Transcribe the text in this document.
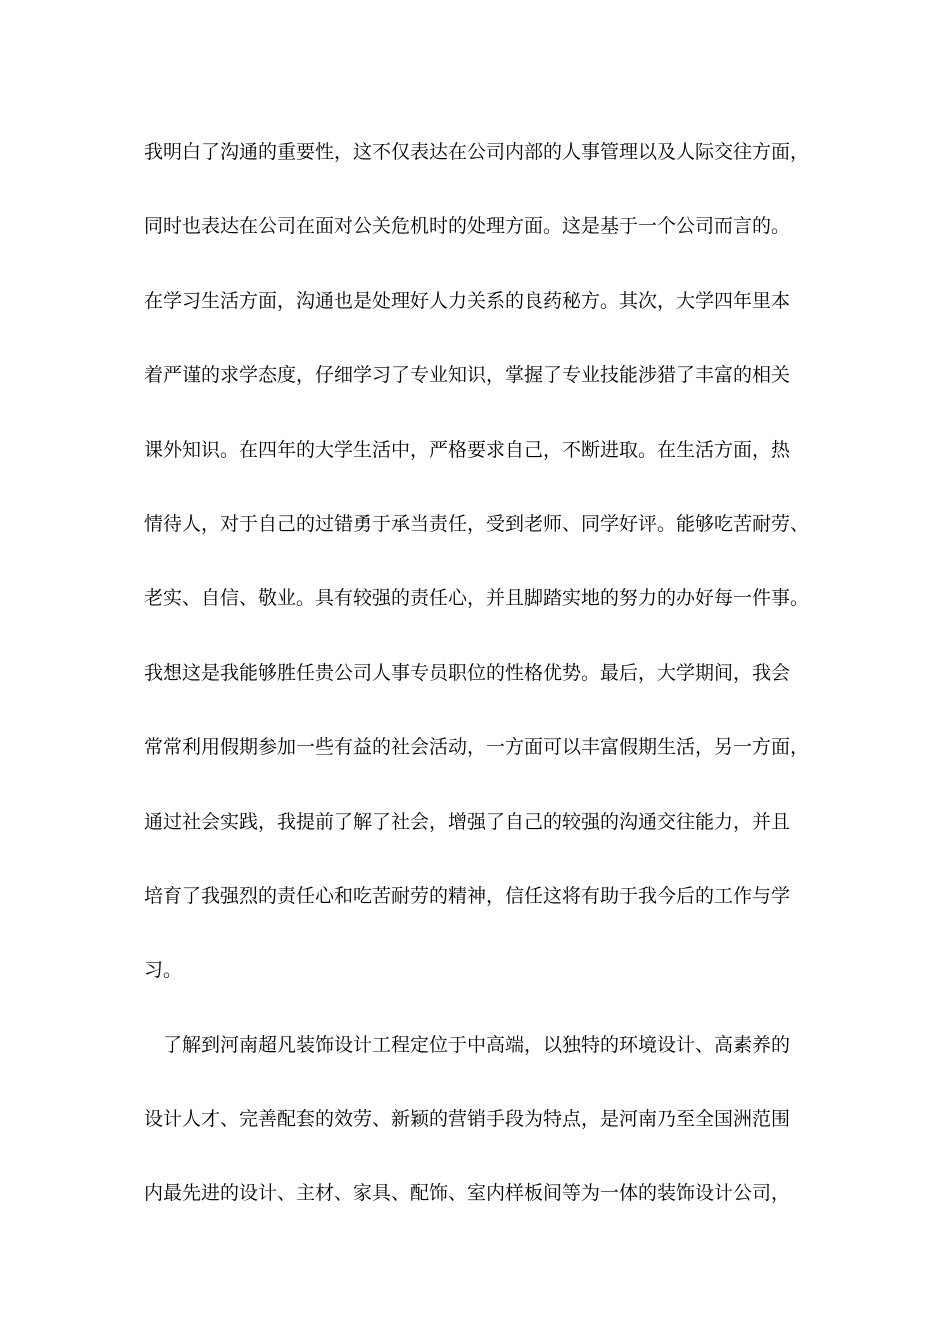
我明白了沟通的重要性，这不仅表达在公司内部的人事管理以及人际交往方面，
同时也表达在公司在面对公关危机时的处理方面。这是基于一个公司而言的。
在学习生活方面，沟通也是处理好人力关系的良药秘方。其次，大学四年里本
着严谨的求学态度，仔细学习了专业知识，掌握了专业技能涉猎了丰富的相关
课外知识。在四年的大学生活中，严格要求自己，不断进取。在生活方面，热
情待人，对于自己的过错勇于承当责任，受到老师、同学好评。能够吃苦耐劳、
老实、自信、敬业。具有较强的责任心，并且脚踏实地的努力的办好每一件事。
我想这是我能够胜任贵公司人事专员职位的性格优势。最后，大学期间，我会
常常利用假期参加一些有益的社会活动，一方面可以丰富假期生活，另一方面，
通过社会实践，我提前了解了社会，增强了自己的较强的沟通交往能力，并且
培育了我强烈的责任心和吃苦耐劳的精神，信任这将有助于我今后的工作与学
习。
了解到河南超凡装饰设计工程定位于中高端，以独特的环境设计、高素养的
设计人才、完善配套的效劳、新颖的营销手段为特点，是河南乃至全国洲范围
内最先进的设计、主材、家具、配饰、室内样板间等为一体的装饰设计公司，
